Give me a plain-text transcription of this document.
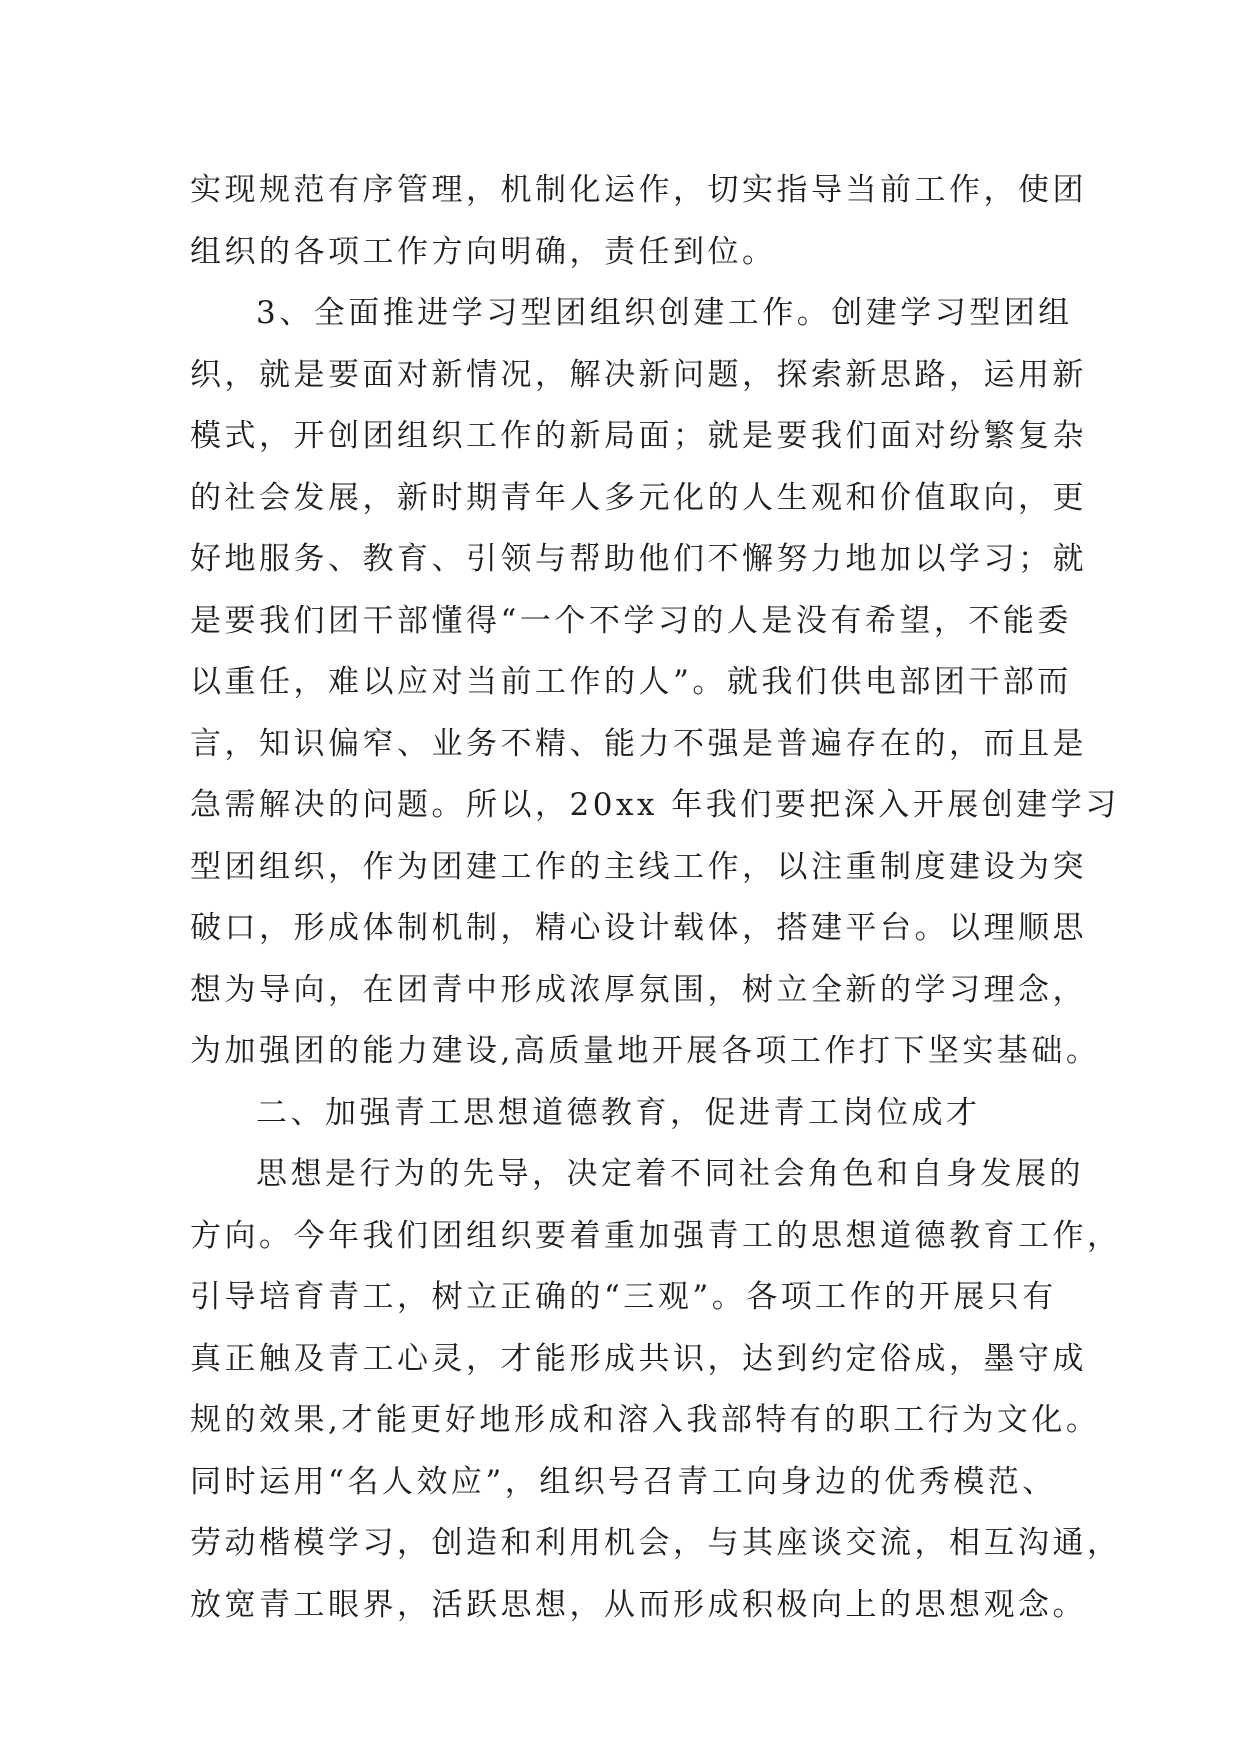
实现规范有序管理，机制化运作，切实指导当前工作，使团
组织的各项工作方向明确，责任到位。
3、全面推进学习型团组织创建工作。创建学习型团组
织，就是要面对新情况，解决新问题，探索新思路，运用新
模式，开创团组织工作的新局面；就是要我们面对纷繁复杂
的社会发展，新时期青年人多元化的人生观和价值取向，更
好地服务、教育、引领与帮助他们不懈努力地加以学习；就
是要我们团干部懂得“一个不学习的人是没有希望，不能委
以重任，难以应对当前工作的人”。就我们供电部团干部而
言，知识偏窄、业务不精、能力不强是普遍存在的，而且是
急需解决的问题。所以，20xx 年我们要把深入开展创建学习
型团组织，作为团建工作的主线工作，以注重制度建设为突
破口，形成体制机制，精心设计载体，搭建平台。以理顺思
想为导向，在团青中形成浓厚氛围，树立全新的学习理念，
为加强团的能力建设,高质量地开展各项工作打下坚实基础。
二、加强青工思想道德教育，促进青工岗位成才
思想是行为的先导，决定着不同社会角色和自身发展的
方向。今年我们团组织要着重加强青工的思想道德教育工作，
引导培育青工，树立正确的“三观”。各项工作的开展只有
真正触及青工心灵，才能形成共识，达到约定俗成，墨守成
规的效果,才能更好地形成和溶入我部特有的职工行为文化。
同时运用“名人效应”，组织号召青工向身边的优秀模范、
劳动楷模学习，创造和利用机会，与其座谈交流，相互沟通，
放宽青工眼界，活跃思想，从而形成积极向上的思想观念。
